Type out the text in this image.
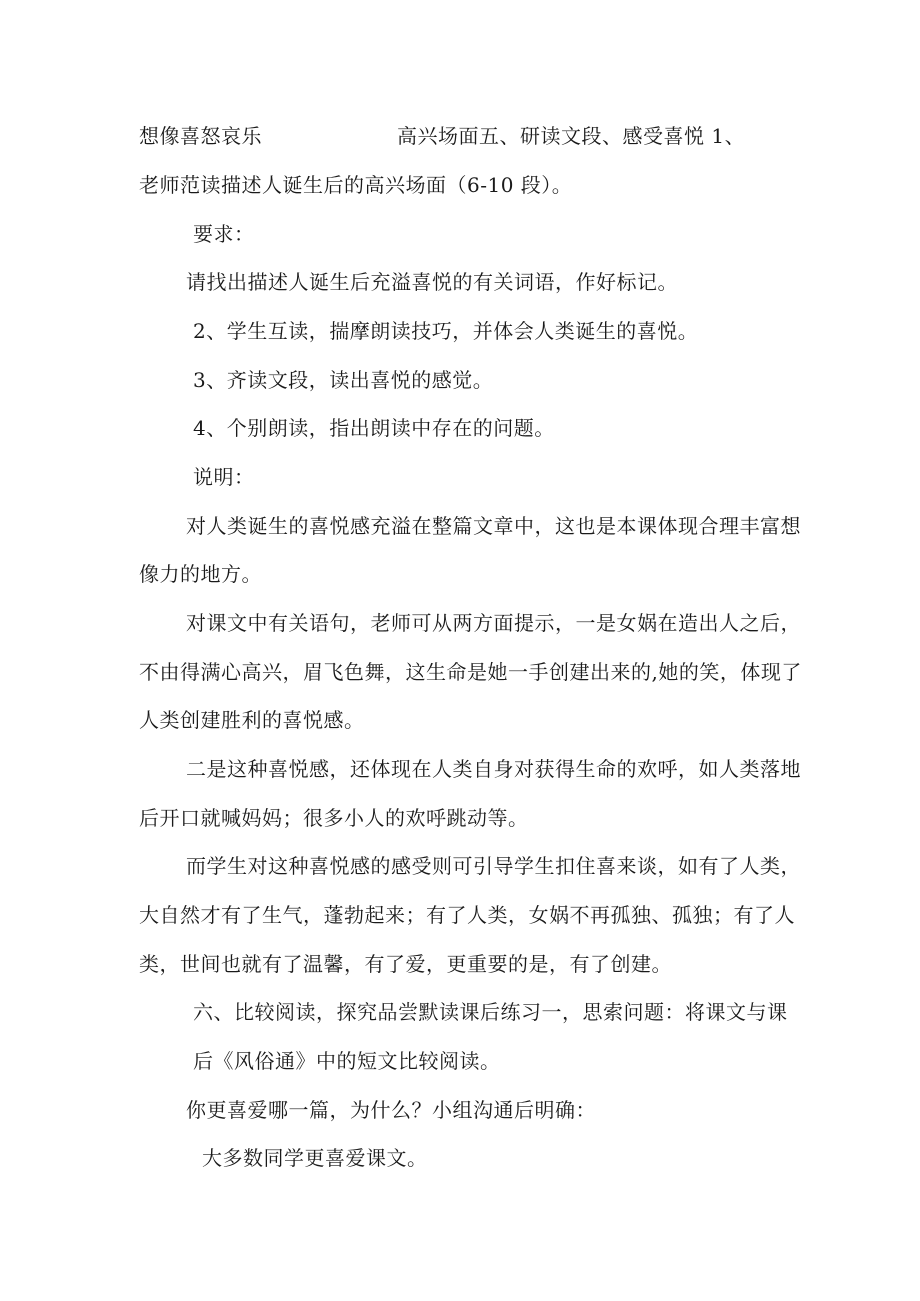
想像喜怒哀乐	高兴场面五、研读文段、感受喜悦 1、
老师范读描述人诞生后的高兴场面（6-10 段）。
要求：
请找出描述人诞生后充溢喜悦的有关词语，作好标记。
2、学生互读，揣摩朗读技巧，并体会人类诞生的喜悦。
3、齐读文段，读出喜悦的感觉。
4、个别朗读，指出朗读中存在的问题。
说明：
对人类诞生的喜悦感充溢在整篇文章中，这也是本课体现合理丰富想
像力的地方。
对课文中有关语句，老师可从两方面提示，一是女娲在造出人之后，
不由得满心高兴，眉飞色舞，这生命是她一手创建出来的,她的笑，体现了
人类创建胜利的喜悦感。
二是这种喜悦感，还体现在人类自身对获得生命的欢呼，如人类落地
后开口就喊妈妈；很多小人的欢呼跳动等。
而学生对这种喜悦感的感受则可引导学生扣住喜来谈，如有了人类，
大自然才有了生气，蓬勃起来；有了人类，女娲不再孤独、孤独；有了人
类，世间也就有了温馨，有了爱，更重要的是，有了创建。
六、比较阅读，探究品尝默读课后练习一，思索问题：将课文与课
后《风俗通》中的短文比较阅读。
你更喜爱哪一篇，为什么？小组沟通后明确：
大多数同学更喜爱课文。
